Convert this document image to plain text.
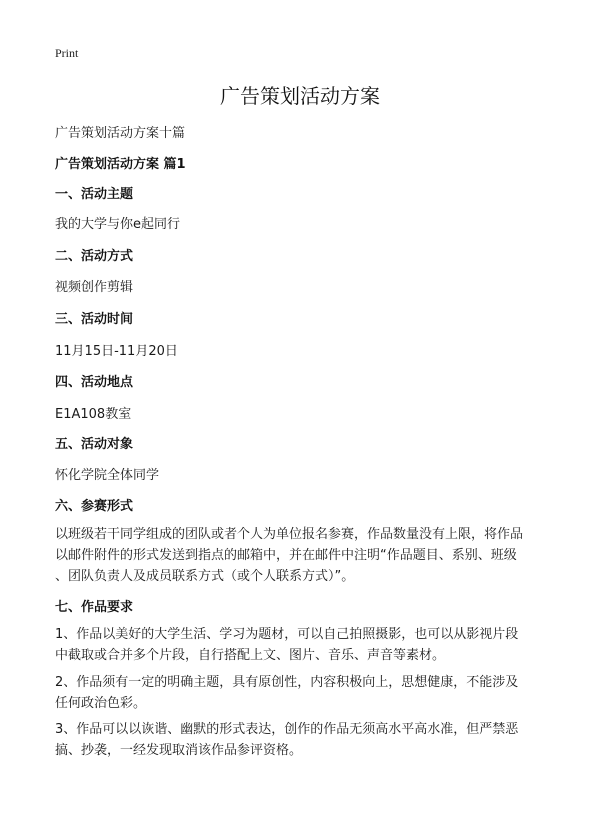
Print
广告策划活动方案
广告策划活动方案十篇
广告策划活动方案 篇1
一、活动主题
我的大学与你e起同行
二、活动方式
视频创作剪辑
三、活动时间
11月15日-11月20日
四、活动地点
E1A108教室
五、活动对象
怀化学院全体同学
六、参赛形式
以班级若干同学组成的团队或者个人为单位报名参赛，作品数量没有上限，将作品
以邮件附件的形式发送到指点的邮箱中，并在邮件中注明“作品题目、系别、班级
、团队负责人及成员联系方式（或个人联系方式）”。
七、作品要求
1、作品以美好的大学生活、学习为题材，可以自己拍照摄影，也可以从影视片段
中截取或合并多个片段，自行搭配上文、图片、音乐、声音等素材。
2、作品须有一定的明确主题，具有原创性，内容积极向上，思想健康，不能涉及
任何政治色彩。
3、作品可以以诙谐、幽默的形式表达，创作的作品无须高水平高水准，但严禁恶
搞、抄袭，一经发现取消该作品参评资格。
